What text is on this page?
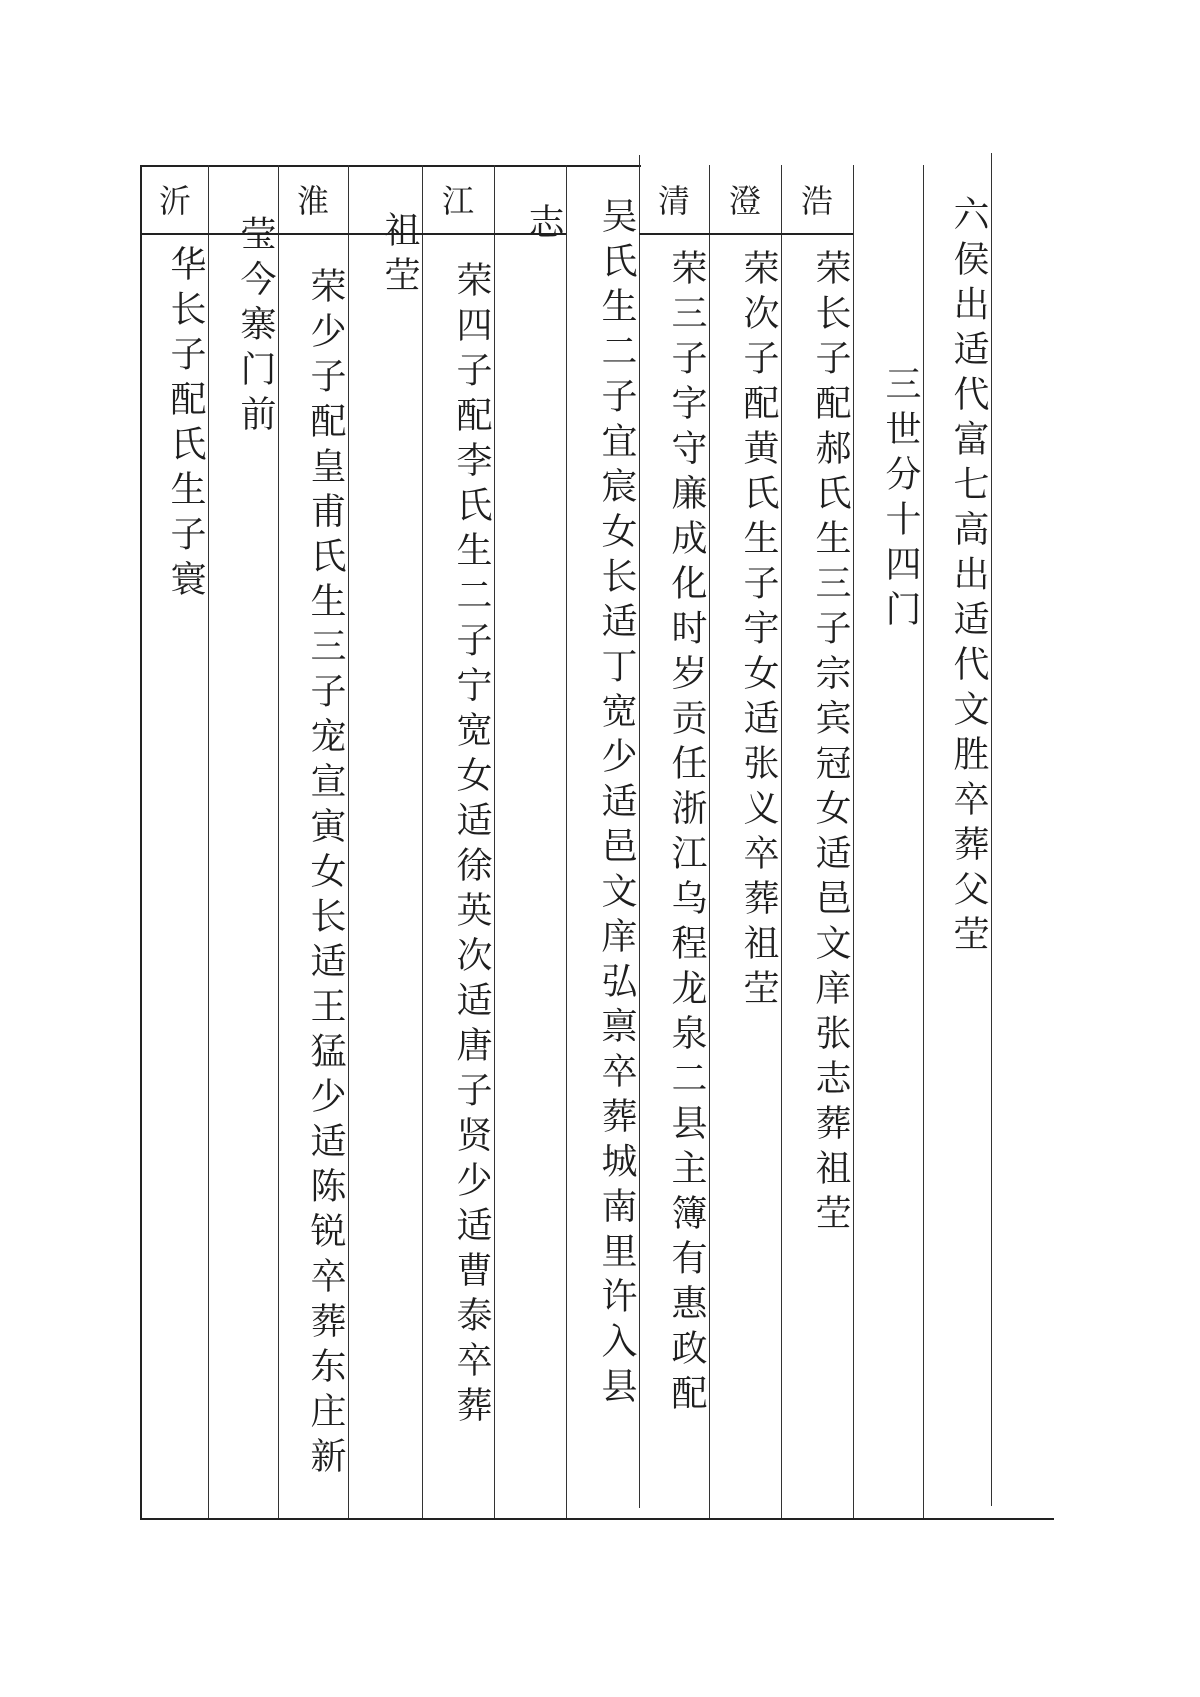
沂
华长子配氏生子寰 莹今寨门前
淮
荣少子配皇甫氏生三子宠宣寅女长适王猛少适陈锐卒葬东庄新
祖茔
江
荣四子配李氏生二子宁宽女适徐英次适唐子贤少适曹泰卒葬
志 吴氏生二子宜宸女长适丁宽少适邑文庠弘禀卒葬城南里许入县 清
荣三子字守廉成化时岁贡任浙江乌程龙泉二县主簿有惠政配
澄
荣次子配黄氏生子宇女适张义卒葬祖茔
浩
荣长子配郝氏生三子宗宾冠女适邑文庠张志葬祖茔 三世分十四门 六侯出适代富七高出适代文胜卒葬父茔
